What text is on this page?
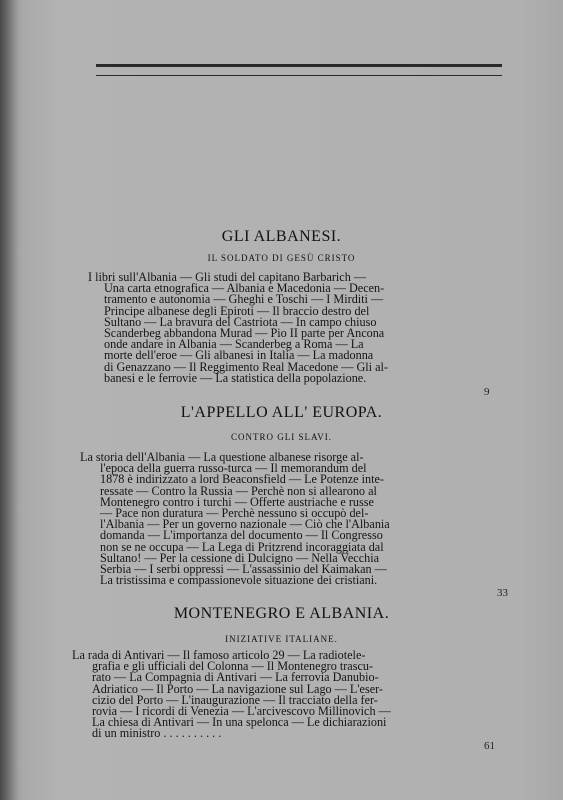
GLI ALBANESI.

IL SOLDATO DI GESÙ CRISTO

I libri sull'Albania — Gli studi del capitano Barbarich —
Una carta etnografica — Albania e Macedonia — Decen-
tramento e autonomia — Gheghi e Toschi — I Mirditi —
Principe albanese degli Epiroti — Il braccio destro del
Sultano — La bravura del Castriota — In campo chiuso
Scanderbeg abbandona Murad — Pio II parte per Ancona
onde andare in Albania — Scanderbeg a Roma — La
morte dell'eroe — Gli albanesi in Italia — La madonna
di Genazzano — Il Reggimento Real Macedone — Gli al-
banesi e le ferrovie — La statistica della popolazione.
9

L'APPELLO ALL' EUROPA.

CONTRO GLI SLAVI.

La storia dell'Albania — La questione albanese risorge al-
l'epoca della guerra russo-turca — Il memorandum del
1878 è indirizzato a lord Beaconsfield — Le Potenze inte-
ressate — Contro la Russia — Perchè non si allearono al
Montenegro contro i turchi — Offerte austriache e russe
— Pace non duratura — Perchè nessuno si occupò del-
l'Albania — Per un governo nazionale — Ciò che l'Albania
domanda — L'importanza del documento — Il Congresso
non se ne occupa — La Lega di Pritzrend incoraggiata dal
Sultano! — Per la cessione di Dulcigno — Nella Vecchia
Serbia — I serbi oppressi — L'assassinio del Kaimakan —
La tristissima e compassionevole situazione dei cristiani.
33

MONTENEGRO E ALBANIA.

INIZIATIVE ITALIANE.

La rada di Antivari — Il famoso articolo 29 — La radiotele-
grafia e gli ufficiali del Colonna — Il Montenegro trascu-
rato — La Compagnia di Antivari — La ferrovia Danubio-
Adriatico — Il Porto — La navigazione sul Lago — L'eser-
cizio del Porto — L'inaugurazione — Il tracciato della fer-
rovia — I ricordi di Venezia — L'arcivescovo Millinovich —
La chiesa di Antivari — In una spelonca — Le dichiarazioni
di un ministro . . . . . . . . . .
61
